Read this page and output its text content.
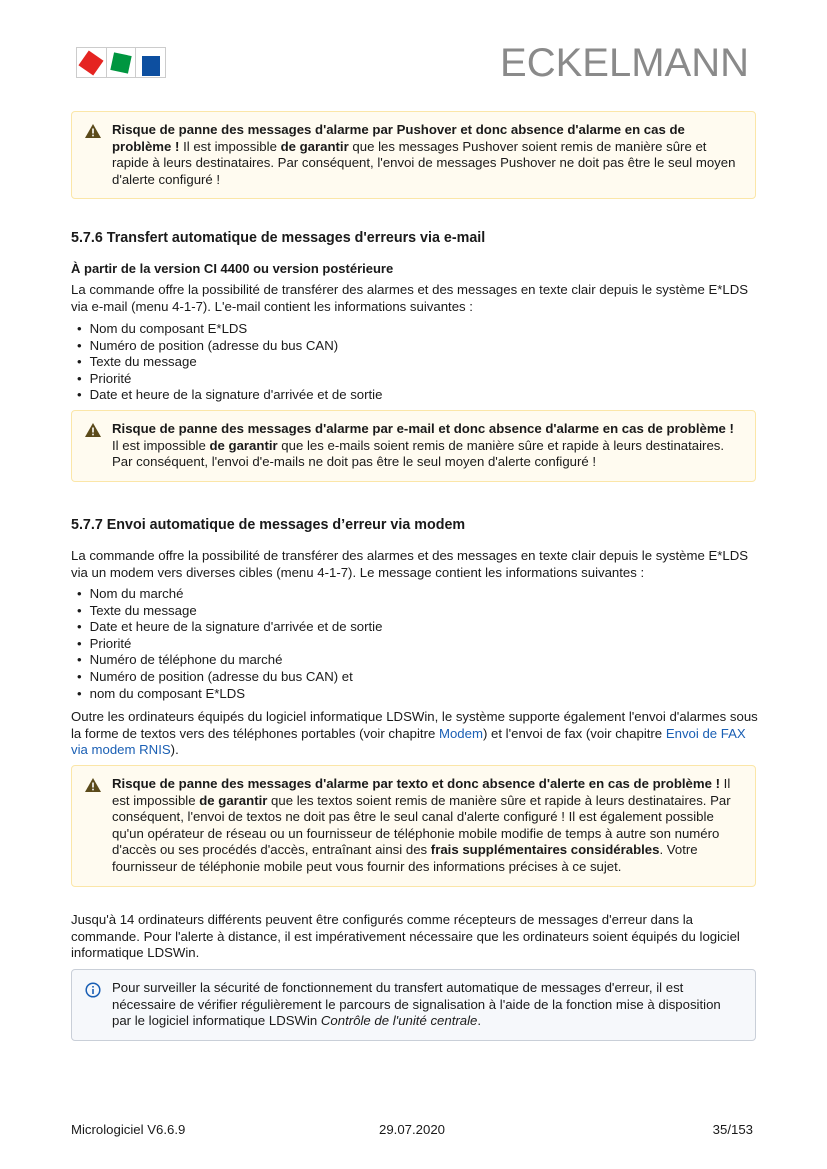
ECKELMANN

Risque de panne des messages d'alarme par Pushover et donc absence d'alarme en cas de problème ! Il est impossible de garantir que les messages Pushover soient remis de manière sûre et rapide à leurs destinataires. Par conséquent, l'envoi de messages Pushover ne doit pas être le seul moyen d'alerte configuré !

5.7.6 Transfert automatique de messages d'erreurs via e-mail
À partir de la version CI 4400 ou version postérieure

La commande offre la possibilité de transférer des alarmes et des messages en texte clair depuis le système E*LDS via e-mail (menu 4-1-7). L'e-mail contient les informations suivantes :

• Nom du composant E*LDS
• Numéro de position (adresse du bus CAN)
• Texte du message
• Priorité
• Date et heure de la signature d'arrivée et de sortie

Risque de panne des messages d'alarme par e-mail et donc absence d'alarme en cas de problème ! Il est impossible de garantir que les e-mails soient remis de manière sûre et rapide à leurs destinataires. Par conséquent, l'envoi d'e-mails ne doit pas être le seul moyen d'alerte configuré !

5.7.7 Envoi automatique de messages d’erreur via modem

La commande offre la possibilité de transférer des alarmes et des messages en texte clair depuis le système E*LDS via un modem vers diverses cibles (menu 4-1-7). Le message contient les informations suivantes :

• Nom du marché
• Texte du message
• Date et heure de la signature d'arrivée et de sortie
• Priorité
• Numéro de téléphone du marché
• Numéro de position (adresse du bus CAN) et
• nom du composant E*LDS

Outre les ordinateurs équipés du logiciel informatique LDSWin, le système supporte également l'envoi d'alarmes sous la forme de textos vers des téléphones portables (voir chapitre Modem) et l'envoi de fax (voir chapitre Envoi de FAX via modem RNIS).

Risque de panne des messages d'alarme par texto et donc absence d'alerte en cas de problème ! Il est impossible de garantir que les textos soient remis de manière sûre et rapide à leurs destinataires. Par conséquent, l'envoi de textos ne doit pas être le seul canal d'alerte configuré ! Il est également possible qu'un opérateur de réseau ou un fournisseur de téléphonie mobile modifie de temps à autre son numéro d'accès ou ses procédés d'accès, entraînant ainsi des frais supplémentaires considérables. Votre fournisseur de téléphonie mobile peut vous fournir des informations précises à ce sujet.

Jusqu'à 14 ordinateurs différents peuvent être configurés comme récepteurs de messages d'erreur dans la commande. Pour l'alerte à distance, il est impérativement nécessaire que les ordinateurs soient équipés du logiciel informatique LDSWin.

Pour surveiller la sécurité de fonctionnement du transfert automatique de messages d'erreur, il est nécessaire de vérifier régulièrement le parcours de signalisation à l'aide de la fonction mise à disposition par le logiciel informatique LDSWin Contrôle de l'unité centrale.

Micrologiciel V6.6.9	29.07.2020	35/153
